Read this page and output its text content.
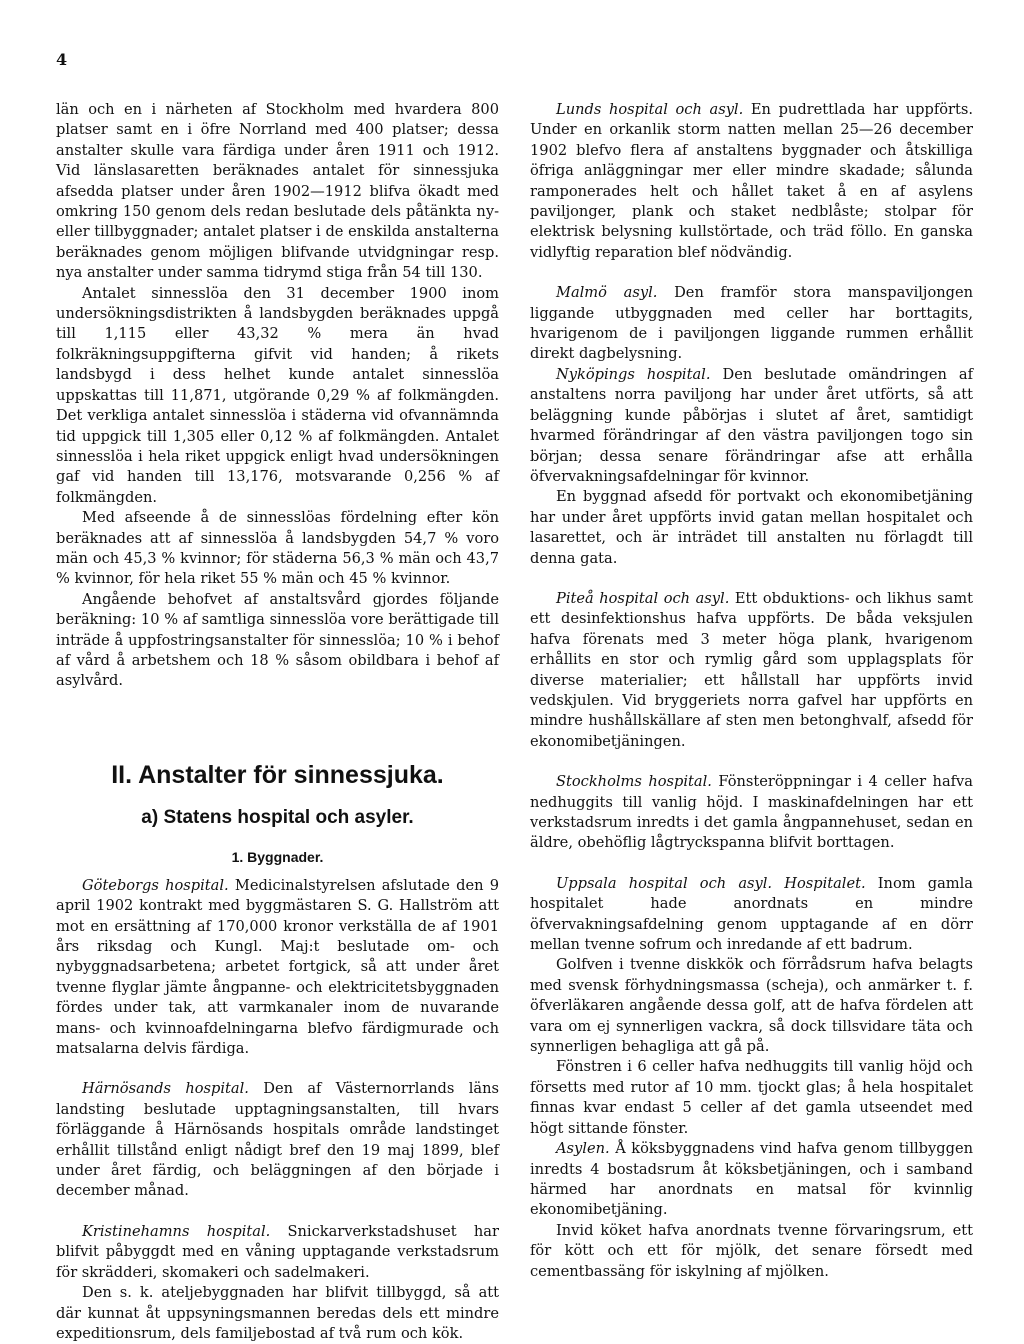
4

län och en i närheten af Stockholm med hvardera 800 platser samt en i öfre Norrland med 400 platser; dessa anstalter skulle vara färdiga under åren 1911 och 1912. Vid länslasaretten beräknades antalet för sinnessjuka afsedda platser under åren 1902—1912 blifva ökadt med omkring 150 genom dels redan beslutade dels påtänkta ny- eller tillbyggnader; antalet platser i de enskilda anstalterna beräknades genom möjligen blifvande utvidgningar resp. nya anstalter under samma tidrymd stiga från 54 till 130.

Antalet sinnesslöa den 31 december 1900 inom undersökningsdistrikten å landsbygden beräknades uppgå till 1,115 eller 43,32 % mera än hvad folkräkningsuppgifterna gifvit vid handen; å rikets landsbygd i dess helhet kunde antalet sinnesslöa uppskattas till 11,871, utgörande 0,29 % af folkmängden. Det verkliga antalet sinnesslöa i städerna vid ofvannämnda tid uppgick till 1,305 eller 0,12 % af folkmängden. Antalet sinnesslöa i hela riket uppgick enligt hvad undersökningen gaf vid handen till 13,176, motsvarande 0,256 % af folkmängden.

Med afseende å de sinnesslöas fördelning efter kön beräknades att af sinnesslöa å landsbygden 54,7 % voro män och 45,3 % kvinnor; för städerna 56,3 % män och 43,7 % kvinnor, för hela riket 55 % män och 45 % kvinnor.

Angående behofvet af anstaltsvård gjordes följande beräkning: 10 % af samtliga sinnesslöa vore berättigade till inträde å uppfostringsanstalter för sinnesslöa; 10 % i behof af vård å arbetshem och 18 % såsom obildbara i behof af asylvård.

II. Anstalter för sinnessjuka.
a) Statens hospital och asyler.
1. Byggnader.

Göteborgs hospital. Medicinalstyrelsen afslutade den 9 april 1902 kontrakt med byggmästaren S. G. Hallström att mot en ersättning af 170,000 kronor verkställa de af 1901 års riksdag och Kungl. Maj:t beslutade om- och nybyggnadsarbetena; arbetet fortgick, så att under året tvenne flyglar jämte ångpanne- och elektricitetsbyggnaden fördes under tak, att varmkanaler inom de nuvarande mans- och kvinnoafdelningarna blefvo färdigmurade och matsalarna delvis färdiga.

Härnösands hospital. Den af Västernorrlands läns landsting beslutade upptagningsanstalten, till hvars förläggande å Härnösands hospitals område landstinget erhållit tillstånd enligt nådigt bref den 19 maj 1899, blef under året färdig, och beläggningen af den började i december månad.

Kristinehamns hospital. Snickarverkstadshuset har blifvit påbyggdt med en våning upptagande verkstadsrum för skrädderi, skomakeri och sadelmakeri.

Den s. k. ateljebyggnaden har blifvit tillbyggd, så att där kunnat åt uppsyningsmannen beredas dels ett mindre expeditionsrum, dels familjebostad af två rum och kök.

Lunds hospital och asyl. En pudrettlada har uppförts. Under en orkanlik storm natten mellan 25—26 december 1902 blefvo flera af anstaltens byggnader och åtskilliga öfriga anläggningar mer eller mindre skadade; sålunda ramponerades helt och hållet taket å en af asylens paviljonger, plank och staket nedblåste; stolpar för elektrisk belysning kullstörtade, och träd föllo. En ganska vidlyftig reparation blef nödvändig.

Malmö asyl. Den framför stora manspaviljongen liggande utbyggnaden med celler har borttagits, hvarigenom de i paviljongen liggande rummen erhållit direkt dagbelysning.

Nyköpings hospital. Den beslutade omändringen af anstaltens norra paviljong har under året utförts, så att beläggning kunde påbörjas i slutet af året, samtidigt hvarmed förändringar af den västra paviljongen togo sin början; dessa senare förändringar afse att erhålla öfvervakningsafdelningar för kvinnor.

En byggnad afsedd för portvakt och ekonomibetjäning har under året uppförts invid gatan mellan hospitalet och lasarettet, och är inträdet till anstalten nu förlagdt till denna gata.

Piteå hospital och asyl. Ett obduktions- och likhus samt ett desinfektionshus hafva uppförts. De båda veksjulen hafva förenats med 3 meter höga plank, hvarigenom erhållits en stor och rymlig gård som upplagsplats för diverse materialier; ett hållstall har uppförts invid vedskjulen. Vid bryggeriets norra gafvel har uppförts en mindre hushållskällare af sten men betonghvalf, afsedd för ekonomibetjäningen.

Stockholms hospital. Fönsteröppningar i 4 celler hafva nedhuggits till vanlig höjd. I maskinafdelningen har ett verkstadsrum inredts i det gamla ångpannehuset, sedan en äldre, obehöflig lågtryckspanna blifvit borttagen.

Uppsala hospital och asyl. Hospitalet. Inom gamla hospitalet hade anordnats en mindre öfvervakningsafdelning genom upptagande af en dörr mellan tvenne sofrum och inredande af ett badrum.

Golfven i tvenne diskkök och förrådsrum hafva belagts med svensk förhydningsmassa (scheja), och anmärker t. f. öfverläkaren angående dessa golf, att de hafva fördelen att vara om ej synnerligen vackra, så dock tillsvidare täta och synnerligen behagliga att gå på.

Fönstren i 6 celler hafva nedhuggits till vanlig höjd och försetts med rutor af 10 mm. tjockt glas; å hela hospitalet finnas kvar endast 5 celler af det gamla utseendet med högt sittande fönster.

Asylen. Å köksbyggnadens vind hafva genom tillbyggen inredts 4 bostadsrum åt köksbetjäningen, och i samband härmed har anordnats en matsal för kvinnlig ekonomibetjäning.

Invid köket hafva anordnats tvenne förvaringsrum, ett för kött och ett för mjölk, det senare försedt med cementbassäng för iskylning af mjölken.
